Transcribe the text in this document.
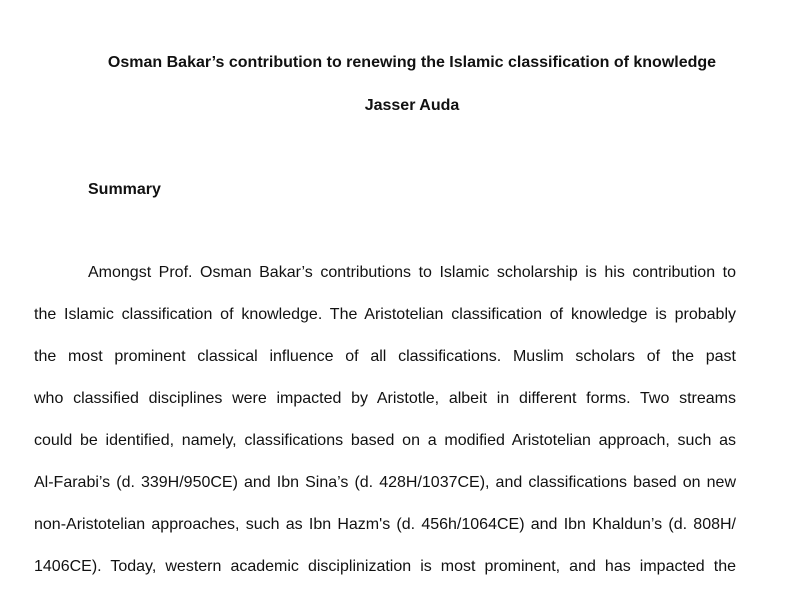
Osman Bakar’s contribution to renewing the Islamic classification of knowledge
Jasser Auda
Summary
Amongst Prof. Osman Bakar’s contributions to Islamic scholarship is his contribution to
the Islamic classification of knowledge. The Aristotelian classification of knowledge is probably
the most prominent classical influence of all classifications. Muslim scholars of the past
who classified disciplines were impacted by Aristotle, albeit in different forms. Two streams
could be identified, namely, classifications based on a modified Aristotelian approach, such as
Al-Farabi’s (d. 339H/950CE) and Ibn Sina’s (d. 428H/1037CE), and classifications based on new
non-Aristotelian approaches, such as Ibn Hazm's (d. 456h/1064CE) and Ibn Khaldun’s (d. 808H/
1406CE). Today, western academic disciplinization is most prominent, and has impacted the
